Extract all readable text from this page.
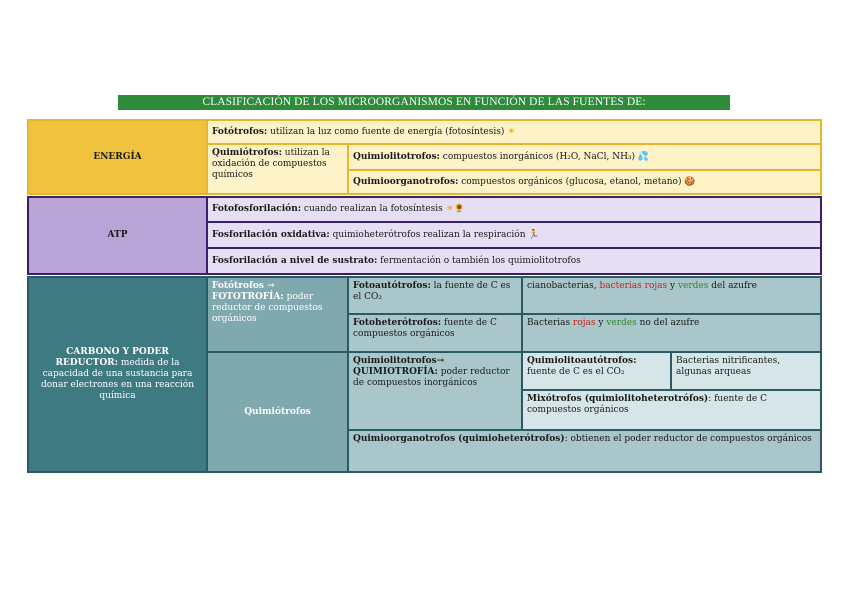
CLASIFICACIÓN DE LOS MICROORGANISMOS EN FUNCIÓN DE LAS FUENTES DE:
ENERGÍA
Fotótrofos: utilizan la luz como fuente de energía (fotosíntesis) ☀
Quimiótrofos: utilizan la oxidación de compuestos químicos
Quimiolitotrofos: compuestos inorgánicos (H₂O, NaCl, NH₃) 💦
Quimioorganotrofos: compuestos orgánicos (glucosa, etanol, metano) 🍪
ATP
Fotofosforilación: cuando realizan la fotosíntesis ☀🌻
Fosforilación oxidativa: quimioheterótrofos realizan la respiración 🏃
Fosforilación a nivel de sustrato: fermentación o también los quimiolitotrofos
CARBONO Y PODER REDUCTOR: medida de la capacidad de una sustancia para donar electrones en una reacción química
Fotótrofos → FOTOTROFÍA: poder reductor de compuestos orgánicos
Fotoautótrofos: la fuente de C es el CO₂
cianobacterias, bacterias rojas y verdes del azufre
Fotoheterótrofos: fuente de C compuestos orgánicos
Bacterias rojas y verdes no del azufre
Quimiótrofos
Quimiolitotrofos→ QUIMIOTROFÍA: poder reductor de compuestos inorgánicos
Quimiolitoautótrofos: fuente de C es el CO₂
Bacterias nitrificantes, algunas arqueas
Mixótrofos (quimiolitoheterotrófos): fuente de C compuestos orgánicos
Quimioorganotrofos (quimioheterótrofos): obtienen el poder reductor de compuestos orgánicos
